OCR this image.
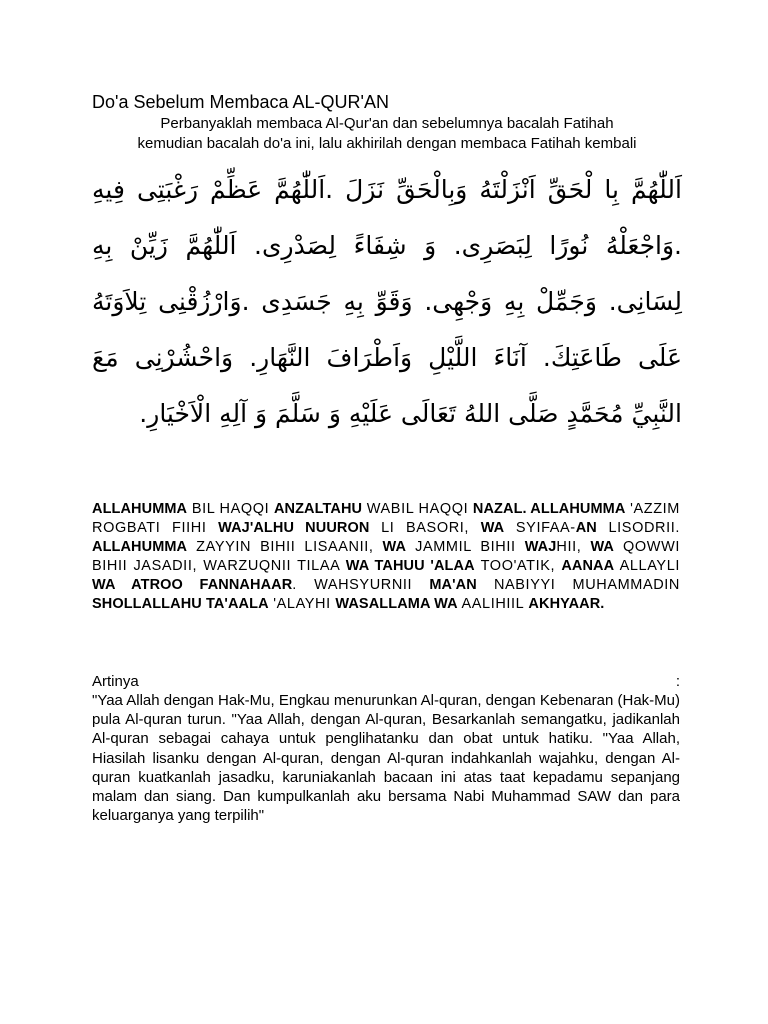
Do'a Sebelum Membaca AL-QUR'AN

Perbanyaklah membaca Al-Qur'an dan sebelumnya bacalah Fatihah
kemudian bacalah do'a ini, lalu akhirilah dengan membaca Fatihah kembali

اَللّٰهُمَّ بِا لْحَقِّ اَنْزَلْتَهُ وَبِالْحَقِّ نَزَلَ .اَللّٰهُمَّ عَظِّمْ رَغْبَتِى فِيهِ .وَاجْعَلْهُ نُورًا لِبَصَرِى. وَ شِفَاءً لِصَدْرِى. اَللّٰهُمَّ زَيِّنْ بِهِ لِسَانِى. وَجَمِّلْ بِهِ وَجْهِى. وَقَوِّ بِهِ جَسَدِى .وَارْزُقْنِى تِلاَوَتَهُ عَلَى طَاعَتِكَ. آنَاءَ اللَّيْلِ وَاَطْرَافَ النَّهَارِ. وَاحْشُرْنِى مَعَ النَّبِيِّ مُحَمَّدٍ صَلَّى اللهُ تَعَالَى عَلَيْهِ وَ سَلَّمَ وَ آلِهِ الْاَخْيَارِ.

ALLAHUMMA BIL HAQQI ANZALTAHU WABIL HAQQI NAZAL. ALLAHUMMA 'AZZIM ROGBATI FIIHI WAJ'ALHU NUURON LI BASORI, WA SYIFAA-AN LISODRII. ALLAHUMMA ZAYYIN BIHII LISAANII, WA JAMMIL BIHII WAJHII, WA QOWWI BIHII JASADII, WARZUQNII TILAA WA TAHUU 'ALAA TOO'ATIK, AANAA ALLAYLI WA ATROO FANNAHAAR. WAHSYURNII MA'AN NABIYYI MUHAMMADIN SHOLLALLAHU TA'AALA 'ALAYHI WASALLAMA WA AALIHIIL AKHYAAR.

Artinya	:

"Yaa Allah dengan Hak-Mu, Engkau menurunkan Al-quran, dengan Kebenaran (Hak-Mu) pula Al-quran turun. "Yaa Allah, dengan Al-quran, Besarkanlah semangatku, jadikanlah Al-quran sebagai cahaya untuk penglihatanku dan obat untuk hatiku. "Yaa Allah, Hiasilah lisanku dengan Al-quran, dengan Al-quran indahkanlah wajahku, dengan Al-quran kuatkanlah jasadku, karuniakanlah bacaan ini atas taat kepadamu sepanjang malam dan siang. Dan kumpulkanlah aku bersama Nabi Muhammad SAW dan para keluarganya yang terpilih"
